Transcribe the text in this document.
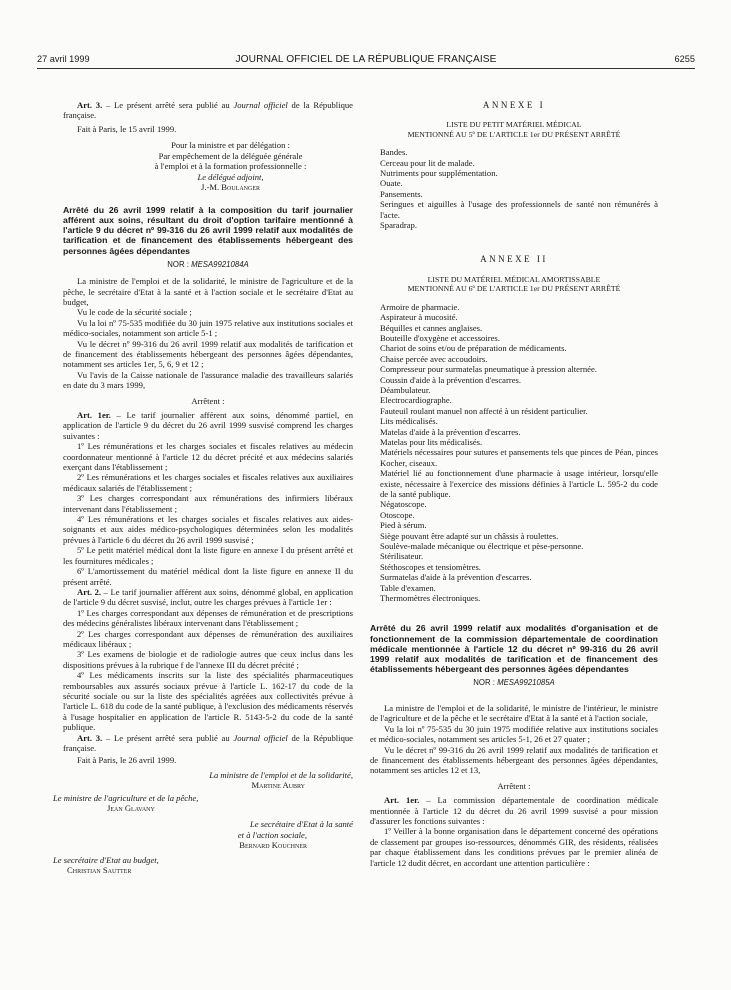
27 avril 1999	JOURNAL OFFICIEL DE LA RÉPUBLIQUE FRANÇAISE	6255

Art. 3. – Le présent arrêté sera publié au Journal officiel de la République française.

Fait à Paris, le 15 avril 1999.

Pour la ministre et par délégation :
Par empêchement de la déléguée générale
à l'emploi et à la formation professionnelle :
Le délégué adjoint,
J.-M. Boulanger

Arrêté du 26 avril 1999 relatif à la composition du tarif journalier afférent aux soins, résultant du droit d'option tarifaire mentionné à l'article 9 du décret nº 99-316 du 26 avril 1999 relatif aux modalités de tarification et de financement des établissements hébergeant des personnes âgées dépendantes

NOR : MESA9921084A

La ministre de l'emploi et de la solidarité, le ministre de l'agriculture et de la pêche, le secrétaire d'Etat à la santé et à l'action sociale et le secrétaire d'Etat au budget,

Vu le code de la sécurité sociale ;

Vu la loi nº 75-535 modifiée du 30 juin 1975 relative aux institutions sociales et médico-sociales, notamment son article 5-1 ;

Vu le décret nº 99-316 du 26 avril 1999 relatif aux modalités de tarification et de financement des établissements hébergeant des personnes âgées dépendantes, notamment ses articles 1er, 5, 6, 9 et 12 ;

Vu l'avis de la Caisse nationale de l'assurance maladie des travailleurs salariés en date du 3 mars 1999,

Arrêtent :

Art. 1er. – Le tarif journalier afférent aux soins, dénommé partiel, en application de l'article 9 du décret du 26 avril 1999 susvisé comprend les charges suivantes :

1º Les rémunérations et les charges sociales et fiscales relatives au médecin coordonnateur mentionné à l'article 12 du décret précité et aux médecins salariés exerçant dans l'établissement ;

2º Les rémunérations et les charges sociales et fiscales relatives aux auxiliaires médicaux salariés de l'établissement ;

3º Les charges correspondant aux rémunérations des infirmiers libéraux intervenant dans l'établissement ;

4º Les rémunérations et les charges sociales et fiscales relatives aux aides-soignants et aux aides médico-psychologiques déterminées selon les modalités prévues à l'article 6 du décret du 26 avril 1999 susvisé ;

5º Le petit matériel médical dont la liste figure en annexe I du présent arrêté et les fournitures médicales ;

6º L'amortissement du matériel médical dont la liste figure en annexe II du présent arrêté.

Art. 2. – Le tarif journalier afférent aux soins, dénommé global, en application de l'article 9 du décret susvisé, inclut, outre les charges prévues à l'article 1er :

1º Les charges correspondant aux dépenses de rémunération et de prescriptions des médecins généralistes libéraux intervenant dans l'établissement ;

2º Les charges correspondant aux dépenses de rémunération des auxiliaires médicaux libéraux ;

3º Les examens de biologie et de radiologie autres que ceux inclus dans les dispositions prévues à la rubrique f de l'annexe III du décret précité ;

4º Les médicaments inscrits sur la liste des spécialités pharmaceutiques remboursables aux assurés sociaux prévue à l'article L. 162-17 du code de la sécurité sociale ou sur la liste des spécialités agréées aux collectivités prévue à l'article L. 618 du code de la santé publique, à l'exclusion des médicaments réservés à l'usage hospitalier en application de l'article R. 5143-5-2 du code de la santé publique.

Art. 3. – Le présent arrêté sera publié au Journal officiel de la République française.

Fait à Paris, le 26 avril 1999.

La ministre de l'emploi et de la solidarité,
Martine Aubry
Le ministre de l'agriculture et de la pêche,
Jean Glavany
Le secrétaire d'Etat à la santé
et à l'action sociale,
Bernard Kouchner
Le secrétaire d'Etat au budget,
Christian Sautter

ANNEXE I

LISTE DU PETIT MATÉRIEL MÉDICAL
MENTIONNÉ AU 5º DE L'ARTICLE 1er DU PRÉSENT ARRÊTÉ

Bandes.

Cerceau pour lit de malade.

Nutriments pour supplémentation.

Ouate.

Pansements.

Seringues et aiguilles à l'usage des professionnels de santé non rémunérés à l'acte.

Sparadrap.

ANNEXE II

LISTE DU MATÉRIEL MÉDICAL AMORTISSABLE
MENTIONNÉ AU 6º DE L'ARTICLE 1er DU PRÉSENT ARRÊTÉ

Armoire de pharmacie.

Aspirateur à mucosité.

Béquilles et cannes anglaises.

Bouteille d'oxygène et accessoires.

Chariot de soins et/ou de préparation de médicaments.

Chaise percée avec accoudoirs.

Compresseur pour surmatelas pneumatique à pression alternée.

Coussin d'aide à la prévention d'escarres.

Déambulateur.

Electrocardiographe.

Fauteuil roulant manuel non affecté à un résident particulier.

Lits médicalisés.

Matelas d'aide à la prévention d'escarres.

Matelas pour lits médicalisés.

Matériels nécessaires pour sutures et pansements tels que pinces de Péan, pinces Kocher, ciseaux.

Matériel lié au fonctionnement d'une pharmacie à usage intérieur, lorsqu'elle existe, nécessaire à l'exercice des missions définies à l'article L. 595-2 du code de la santé publique.

Négatoscope.

Otoscope.

Pied à sérum.

Siège pouvant être adapté sur un châssis à roulettes.

Soulève-malade mécanique ou électrique et pèse-personne.

Stérilisateur.

Stéthoscopes et tensiomètres.

Surmatelas d'aide à la prévention d'escarres.

Table d'examen.

Thermomètres électroniques.

Arrêté du 26 avril 1999 relatif aux modalités d'organisation et de fonctionnement de la commission départementale de coordination médicale mentionnée à l'article 12 du décret nº 99-316 du 26 avril 1999 relatif aux modalités de tarification et de financement des établissements hébergeant des personnes âgées dépendantes

NOR : MESA9921085A

La ministre de l'emploi et de la solidarité, le ministre de l'intérieur, le ministre de l'agriculture et de la pêche et le secrétaire d'Etat à la santé et à l'action sociale,

Vu la loi nº 75-535 du 30 juin 1975 modifiée relative aux institutions sociales et médico-sociales, notamment ses articles 5-1, 26 et 27 quater ;

Vu le décret nº 99-316 du 26 avril 1999 relatif aux modalités de tarification et de financement des établissements hébergeant des personnes âgées dépendantes, notamment ses articles 12 et 13,

Arrêtent :

Art. 1er. – La commission départementale de coordination médicale mentionnée à l'article 12 du décret du 26 avril 1999 susvisé a pour mission d'assurer les fonctions suivantes :

1º Veiller à la bonne organisation dans le département concerné des opérations de classement par groupes iso-ressources, dénommés GIR, des résidents, réalisées par chaque établissement dans les conditions prévues par le premier alinéa de l'article 12 dudit décret, en accordant une attention particulière :
